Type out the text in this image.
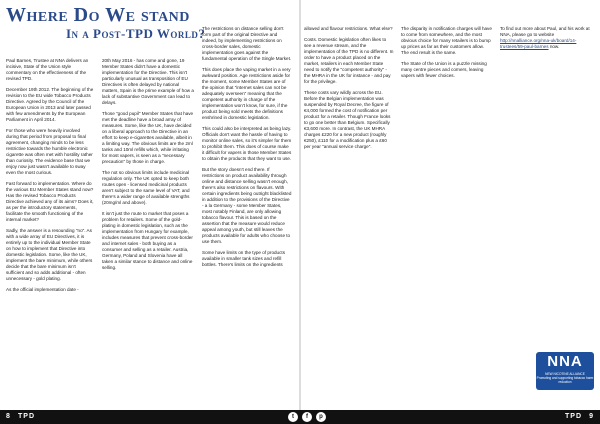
Where Do We stand
In a Post-TPD World?

Paul Barnes, Trustee at NNA delivers an incisive, State of the Union style commentary on the effectiveness of the revised TPD.

December 19th 2012. The beginning of the revision to the EU wide Tobacco Products Directive. Agreed by the Council of the European Union in 2013 and later passed with few amendments by the European Parliament in April 2014.

For those who were heavily involved during that period from proposal to final agreement, changing minds to be less restrictive towards the humble electronic cigarette was often met with hostility rather than curiosity. The evidence base that we enjoy now just wasn't available to sway even the most curious.

Fast forward to implementation. Where do the various EU Member States stand now? Has the revised Tobacco Products Directive achieved any of its aims? Does it, as per the introductory statements, facilitate the smooth functioning of the internal market?

Sadly, the answer is a resounding "no". As with a wide array of EU Directives, it is entirely up to the individual Member State on how to implement that Directive into domestic legislation. Some, like the UK, implement the bare minimum, while others decide that the bare minimum isn't sufficient and so adds additional - often unnecessary - gold plating.

As the official implementation date -

20th May 2016 - has come and gone, 19 Member States didn't have a domestic implementation for the Directive. This isn't particularly unusual as transposition of EU Directives is often delayed by national matters, Spain is the prime example of how a lack of substantive Government can lead to delays.

Those "good pupil" Member States that have met the deadline have a broad array of measures. Some, like the UK, have decided on a liberal approach to the Directive in an effort to keep e-cigarettes available, albeit in a limiting way. The obvious limits are the 2ml tanks and 10ml refills which, while irritating for most vapers, is seen as a "necessary precaution" by those in charge.

The not so obvious limits include medicinal regulation only. The UK opted to keep both routes open - licensed medicinal products aren't subject to the same level of VAT, and there's a wider range of available strengths (20mg/ml and above).

It isn't just the route to market that poses a problem for retailers. Some of the gold-plating in domestic legislation, such as the implementation from Hungary for example, includes measures that prevent cross-border and internet sales - both buying as a consumer and selling as a retailer. Austria, Germany, Poland and Slovenia have all taken a similar stance to distance and online selling.

The restrictions on distance selling don't form part of the original Directive and indeed, by implementing restrictions on cross-border sales, domestic implementation goes against the fundamental operation of the Single Market.

This does place the vaping market in a very awkward position. Age restrictions aside for the moment, some Member States are of the opinion that "internet sales can not be adequately overseen" meaning that the competent authority in charge of the implementation won't know, for sure, if the product being sold meets the definitions enshrined in domestic legislation.

This could also be interpreted as being lazy. Officials don't want the hassle of having to monitor online sales, so it's simpler for them to prohibit them. This does of course make it difficult for vapers in those Member States to obtain the products that they want to use.

But the story doesn't end there. If restrictions on product availability through online and distance selling wasn't enough, there's also restrictions on flavours. With certain ingredients being outright blacklisted in addition to the provisions of the Directive - a la Germany - some Member States, most notably Finland, are only allowing tobacco flavour. This is based on the assertion that the measure would reduce appeal among youth, but still leaves the products available for adults who choose to use them.

Some have limits on the type of products available in smaller tank sizes and refill bottles. There's limits on the ingredients

allowed and flavour restrictions. What else?

Costs. Domestic legislation often likes to see a revenue stream, and the implementation of the TPD is no different. In order to have a product placed on the market, retailers in each Member State need to notify the "competent authority" - the MHRA in the UK for instance - and pay for the privilege.

These costs vary wildly across the EU. Before the Belgian implementation was suspended by Royal Decree, the figure of €4,000 formed the cost of notification per product for a retailer. Though France looks to go one better than Belgium. Specifically €3,600 more. In contrast, the UK MHRA charges £220 for a new product (roughly €250), £110 for a modification plus a £60 per year "annual service charge".

The disparity in notification charges will have to come from somewhere, and the most obvious choice for many retailers is to bump up prices as far as their customers allow. The end result is the same.

The State of the Union is a puzzle missing many centre pieces and corners, leaving vapers with fewer choices.

To find out more about Paul, and his work at NNA, please go to website http://nnalliance.org/nna-uk/board/14-trustees/59-paul-barnes now.

NNA
NEW NICOTINE ALLIANCE
Promoting and supporting tobacco harm reduction
8 TPD	t	f	p	TPD 9
